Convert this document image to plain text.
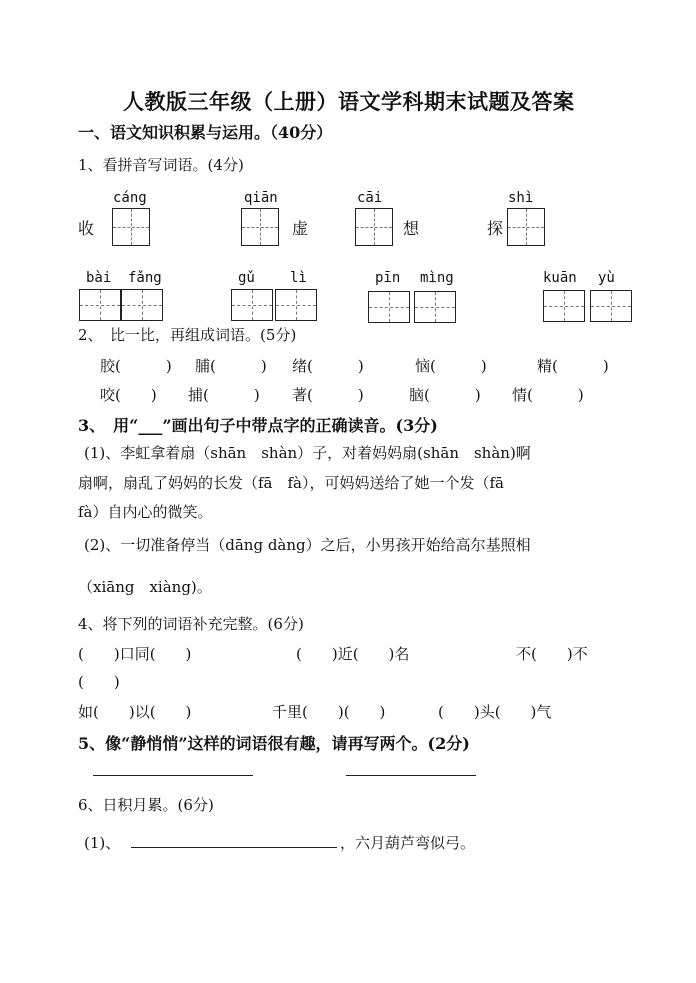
人教版三年级（上册）语文学科期末试题及答案
一、语文知识积累与运用。（40分）
1、看拼音写词语。(4分)
cáng
收
qiān
虚
cāi
想	探
shì
bài fǎng	gǔ	lì	pīn mìng	kuān yù
2、　比一比，再组成词语。(5分)
胶(　　　) 脯(　　　) 绪(　　　)	恼(　　　)	精(　　　)
咬(　　) 捕(　　　) 著(　　　)	脑(　　　) 情(　　　)
3、　用“___”画出句子中带点字的正确读音。(3分)
(1)、李虹拿着扇（shān　shàn）子，对着妈妈扇(shān　shàn)啊
扇啊，扇乱了妈妈的长发（fā　fà），可妈妈送给了她一个发（fā
fà）自内心的微笑。
(2)、一切准备停当（dāng dàng）之后，小男孩开始给高尔基照相
（xiāng　xiàng)。
4、将下列的词语补充完整。(6分)
(　　)口同(　　)	(　　)近(　　)名	不(　　)不
(　　)
如(　　)以(　　)	千里(　　)(　　)	(　　)头(　　)气
5、像“静悄悄”这样的词语很有趣，请再写两个。(2分)
6、日积月累。(6分)
(1)、	，六月葫芦弯似弓。
